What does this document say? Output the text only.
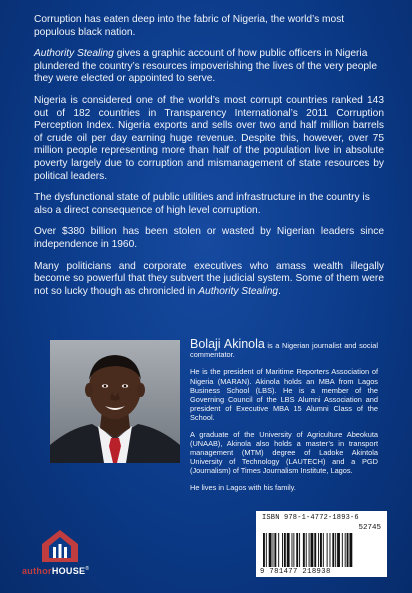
Corruption has eaten deep into the fabric of Nigeria, the world’s most populous black nation.

Authority Stealing gives a graphic account of how public officers in Nigeria plundered the country’s resources impoverishing the lives of the very people they were elected or appointed to serve.

Nigeria is considered one of the world’s most corrupt countries ranked 143 out of 182 countries in Transparency International’s 2011 Corruption Perception Index. Nigeria exports and sells over two and half million barrels of crude oil per day earning huge revenue. Despite this, however, over 75 million people representing more than half of the population live in absolute poverty largely due to corruption and mismanagement of state resources by political leaders.

The dysfunctional state of public utilities and infrastructure in the country is also a direct consequence of high level corruption.

Over $380 billion has been stolen or wasted by Nigerian leaders since independence in 1960.

Many politicians and corporate executives who amass wealth illegally become so powerful that they subvert the judicial system. Some of them were not so lucky though as chronicled in Authority Stealing.

Bolaji Akinola is a Nigerian journalist and social commentator.

He is the president of Maritime Reporters Association of Nigeria (MARAN). Akinola holds an MBA from Lagos Business School (LBS). He is a member of the Governing Council of the LBS Alumni Association and president of Executive MBA 15 Alumni Class of the School.

A graduate of the University of Agriculture Abeokuta (UNAAB), Akinola also holds a master’s in transport management (MTM) degree of Ladoke Akintola University of Technology (LAUTECH) and a PGD (Journalism) of Times Journalism Institute, Lagos.

He lives in Lagos with his family.

authorHOUSE®
ISBN 978-1-4772-1893-6
52745
9 781477 218938
